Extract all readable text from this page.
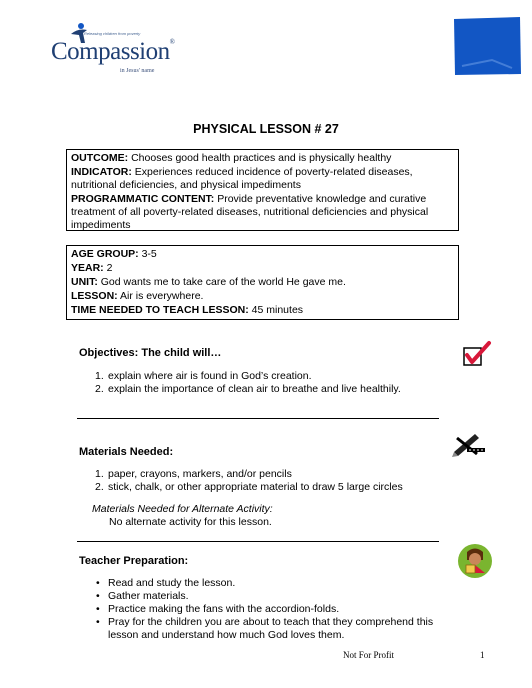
Releasing children from poverty
Compassion®
in Jesus' name
PHYSICAL LESSON # 27

OUTCOME: Chooses good health practices and is physically healthy

INDICATOR: Experiences reduced incidence of poverty-related diseases, nutritional deficiencies, and physical impediments

PROGRAMMATIC CONTENT: Provide preventative knowledge and curative treatment of all poverty-related diseases, nutritional deficiencies and physical impediments

AGE GROUP: 3-5

YEAR: 2

UNIT: God wants me to take care of the world He gave me.

LESSON: Air is everywhere.

TIME NEEDED TO TEACH LESSON: 45 minutes

Objectives: The child will…
1. explain where air is found in God’s creation.
2. explain the importance of clean air to breathe and live healthily.
Materials Needed:
1. paper, crayons, markers, and/or pencils
2. stick, chalk, or other appropriate material to draw 5 large circles
Materials Needed for Alternate Activity:
No alternate activity for this lesson.
Teacher Preparation:
• Read and study the lesson.
• Gather materials.
• Practice making the fans with the accordion-folds.
• Pray for the children you are about to teach that they comprehend this lesson and understand how much God loves them.
Not For Profit	1
